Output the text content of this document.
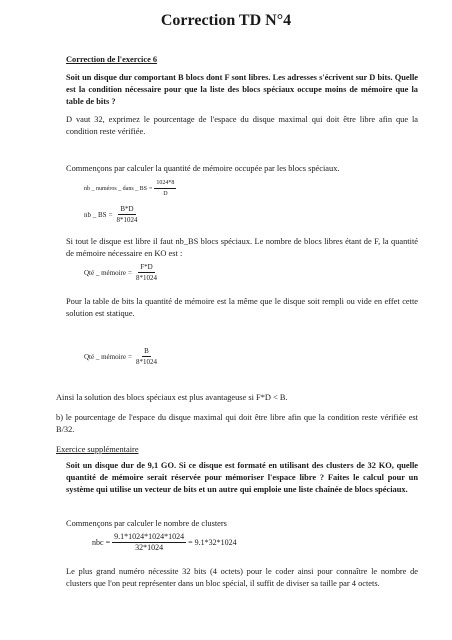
Correction TD N°4
Correction de l'exercice 6
Soit un disque dur comportant B blocs dont F sont libres. Les adresses s'écrivent sur D bits. Quelle est la condition nécessaire pour que la liste des blocs spéciaux occupe moins de mémoire que la table de bits ?
D vaut 32, exprimez le pourcentage de l'espace du disque maximal qui doit être libre afin que la condition reste vérifiée.
Commençons par calculer la quantité de mémoire occupée par les blocs spéciaux.
nb _ numéros _ dans _ BS = $\frac{1024*8}{D}$
nb _ BS = $\frac{B*D}{8*1024}$
Si tout le disque est libre il faut nb_BS blocs spéciaux. Le nombre de blocs libres étant de F, la quantité de mémoire nécessaire en KO est :
Qté _ mémoire = $\frac{F*D}{8*1024}$
Pour la table de bits la quantité de mémoire est la même que le disque soit rempli ou vide en effet cette solution est statique.
Qté _ mémoire = $\frac{B}{8*1024}$
Ainsi la solution des blocs spéciaux est plus avantageuse si F*D < B.
b) le pourcentage de l'espace du disque maximal qui doit être libre afin que la condition reste vérifiée est B/32.
Exercice supplémentaire
Soit un disque dur de 9,1 GO. Si ce disque est formaté en utilisant des clusters de 32 KO, quelle quantité de mémoire serait réservée pour mémoriser l'espace libre ? Faites le calcul pour un système qui utilise un vecteur de bits et un autre qui emploie une liste chaînée de blocs spéciaux.
Commençons par calculer le nombre de clusters
nbc = $\frac{9.1*1024*1024*1024}{32*1024} = 9.1*32*1024$
Le plus grand numéro nécessite 32 bits (4 octets) pour le coder ainsi pour connaître le nombre de clusters que l'on peut représenter dans un bloc spécial, il suffit de diviser sa taille par 4 octets.
